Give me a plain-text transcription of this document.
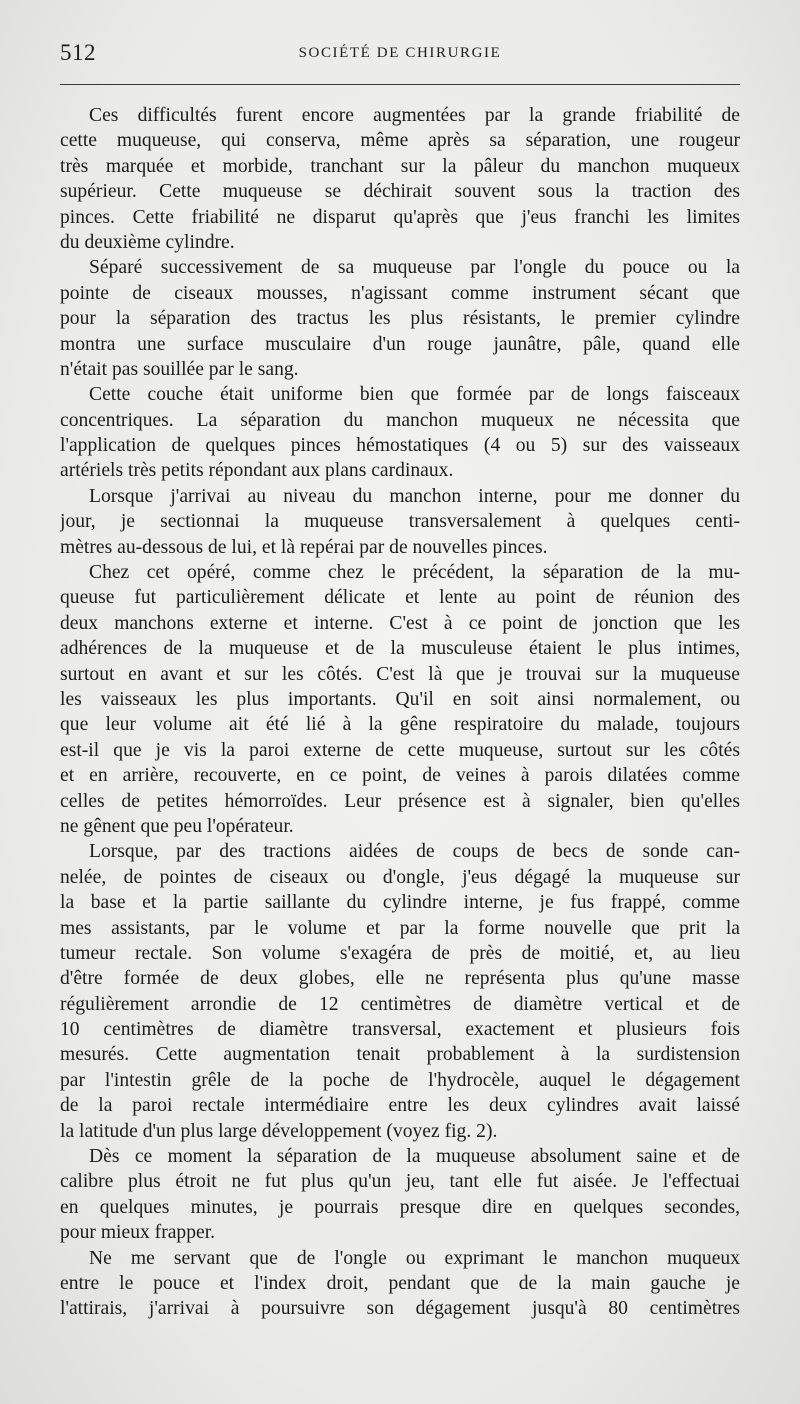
512	SOCIÉTÉ DE CHIRURGIE
Ces difficultés furent encore augmentées par la grande friabilité de
cette muqueuse, qui conserva, même après sa séparation, une rougeur
très marquée et morbide, tranchant sur la pâleur du manchon muqueux
supérieur. Cette muqueuse se déchirait souvent sous la traction des
pinces. Cette friabilité ne disparut qu'après que j'eus franchi les limites
du deuxième cylindre.
Séparé successivement de sa muqueuse par l'ongle du pouce ou la
pointe de ciseaux mousses, n'agissant comme instrument sécant que
pour la séparation des tractus les plus résistants, le premier cylindre
montra une surface musculaire d'un rouge jaunâtre, pâle, quand elle
n'était pas souillée par le sang.
Cette couche était uniforme bien que formée par de longs faisceaux
concentriques. La séparation du manchon muqueux ne nécessita que
l'application de quelques pinces hémostatiques (4 ou 5) sur des vaisseaux
artériels très petits répondant aux plans cardinaux.
Lorsque j'arrivai au niveau du manchon interne, pour me donner du
jour, je sectionnai la muqueuse transversalement à quelques centi-
mètres au-dessous de lui, et là repérai par de nouvelles pinces.
Chez cet opéré, comme chez le précédent, la séparation de la mu-
queuse fut particulièrement délicate et lente au point de réunion des
deux manchons externe et interne. C'est à ce point de jonction que les
adhérences de la muqueuse et de la musculeuse étaient le plus intimes,
surtout en avant et sur les côtés. C'est là que je trouvai sur la muqueuse
les vaisseaux les plus importants. Qu'il en soit ainsi normalement, ou
que leur volume ait été lié à la gêne respiratoire du malade, toujours
est-il que je vis la paroi externe de cette muqueuse, surtout sur les côtés
et en arrière, recouverte, en ce point, de veines à parois dilatées comme
celles de petites hémorroïdes. Leur présence est à signaler, bien qu'elles
ne gênent que peu l'opérateur.
Lorsque, par des tractions aidées de coups de becs de sonde can-
nelée, de pointes de ciseaux ou d'ongle, j'eus dégagé la muqueuse sur
la base et la partie saillante du cylindre interne, je fus frappé, comme
mes assistants, par le volume et par la forme nouvelle que prit la
tumeur rectale. Son volume s'exagéra de près de moitié, et, au lieu
d'être formée de deux globes, elle ne représenta plus qu'une masse
régulièrement arrondie de 12 centimètres de diamètre vertical et de
10 centimètres de diamètre transversal, exactement et plusieurs fois
mesurés. Cette augmentation tenait probablement à la surdistension
par l'intestin grêle de la poche de l'hydrocèle, auquel le dégagement
de la paroi rectale intermédiaire entre les deux cylindres avait laissé
la latitude d'un plus large développement (voyez fig. 2).
Dès ce moment la séparation de la muqueuse absolument saine et de
calibre plus étroit ne fut plus qu'un jeu, tant elle fut aisée. Je l'effectuai
en quelques minutes, je pourrais presque dire en quelques secondes,
pour mieux frapper.
Ne me servant que de l'ongle ou exprimant le manchon muqueux
entre le pouce et l'index droit, pendant que de la main gauche je
l'attirais, j'arrivai à poursuivre son dégagement jusqu'à 80 centimètres
